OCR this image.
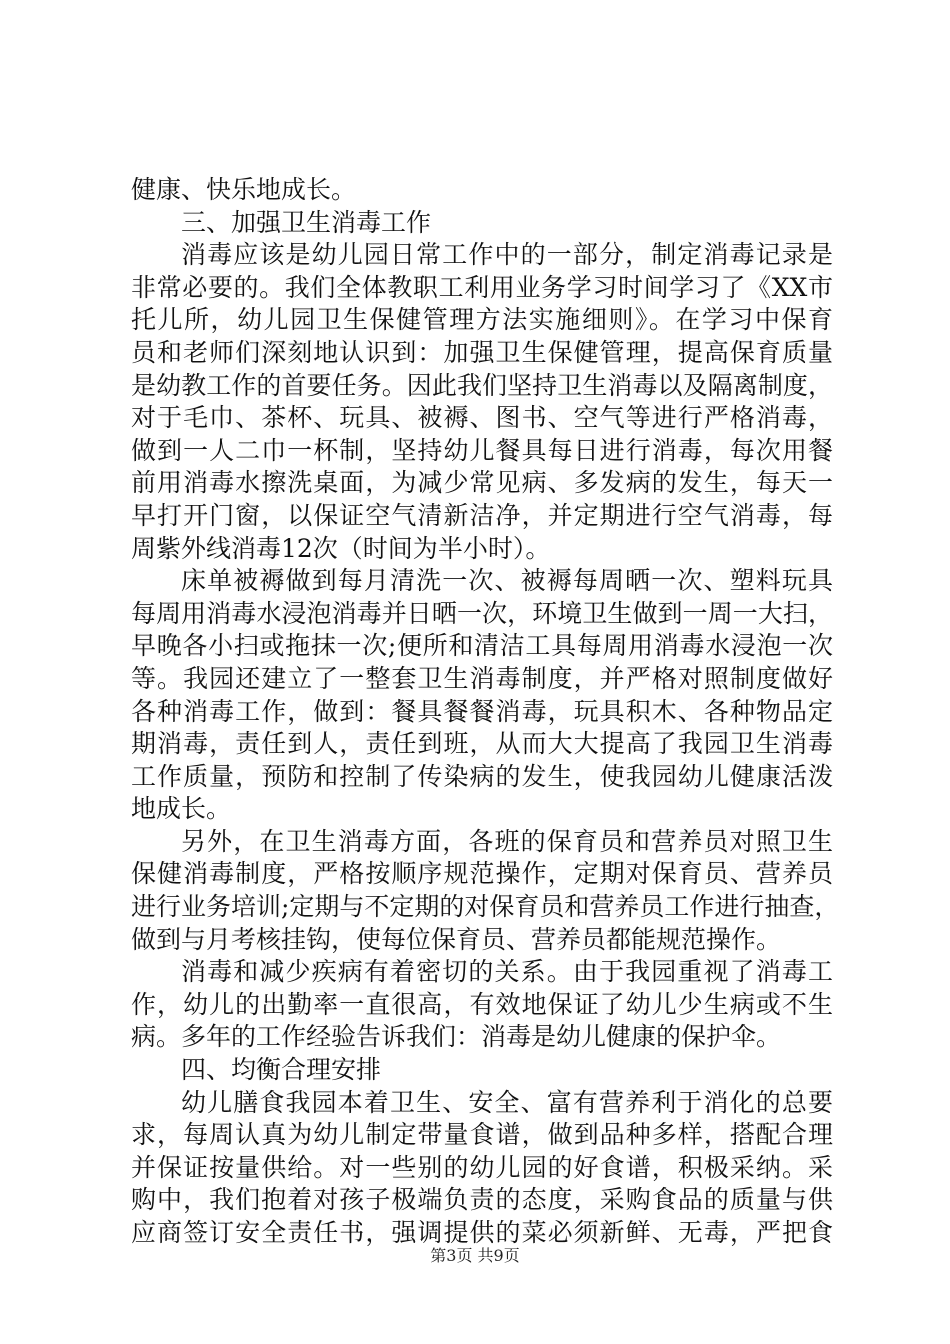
健康、快乐地成长。
三、加强卫生消毒工作
消毒应该是幼儿园日常工作中的一部分，制定消毒记录是
非常必要的。我们全体教职工利用业务学习时间学习了《XX市
托儿所，幼儿园卫生保健管理方法实施细则》。在学习中保育
员和老师们深刻地认识到：加强卫生保健管理，提高保育质量
是幼教工作的首要任务。因此我们坚持卫生消毒以及隔离制度，
对于毛巾、茶杯、玩具、被褥、图书、空气等进行严格消毒，
做到一人二巾一杯制，坚持幼儿餐具每日进行消毒，每次用餐
前用消毒水擦洗桌面，为减少常见病、多发病的发生，每天一
早打开门窗，以保证空气清新洁净，并定期进行空气消毒，每
周紫外线消毒12次（时间为半小时）。
床单被褥做到每月清洗一次、被褥每周晒一次、塑料玩具
每周用消毒水浸泡消毒并日晒一次，环境卫生做到一周一大扫，
早晚各小扫或拖抹一次;便所和清洁工具每周用消毒水浸泡一次
等。我园还建立了一整套卫生消毒制度，并严格对照制度做好
各种消毒工作，做到：餐具餐餐消毒，玩具积木、各种物品定
期消毒，责任到人，责任到班，从而大大提高了我园卫生消毒
工作质量，预防和控制了传染病的发生，使我园幼儿健康活泼
地成长。
另外，在卫生消毒方面，各班的保育员和营养员对照卫生
保健消毒制度，严格按顺序规范操作，定期对保育员、营养员
进行业务培训;定期与不定期的对保育员和营养员工作进行抽查，
做到与月考核挂钩，使每位保育员、营养员都能规范操作。
消毒和减少疾病有着密切的关系。由于我园重视了消毒工
作，幼儿的出勤率一直很高，有效地保证了幼儿少生病或不生
病。多年的工作经验告诉我们：消毒是幼儿健康的保护伞。
四、均衡合理安排
幼儿膳食我园本着卫生、安全、富有营养利于消化的总要
求，每周认真为幼儿制定带量食谱，做到品种多样，搭配合理
并保证按量供给。对一些别的幼儿园的好食谱，积极采纳。采
购中，我们抱着对孩子极端负责的态度，采购食品的质量与供
应商签订安全责任书，强调提供的菜必须新鲜、无毒，严把食
第3页 共9页
